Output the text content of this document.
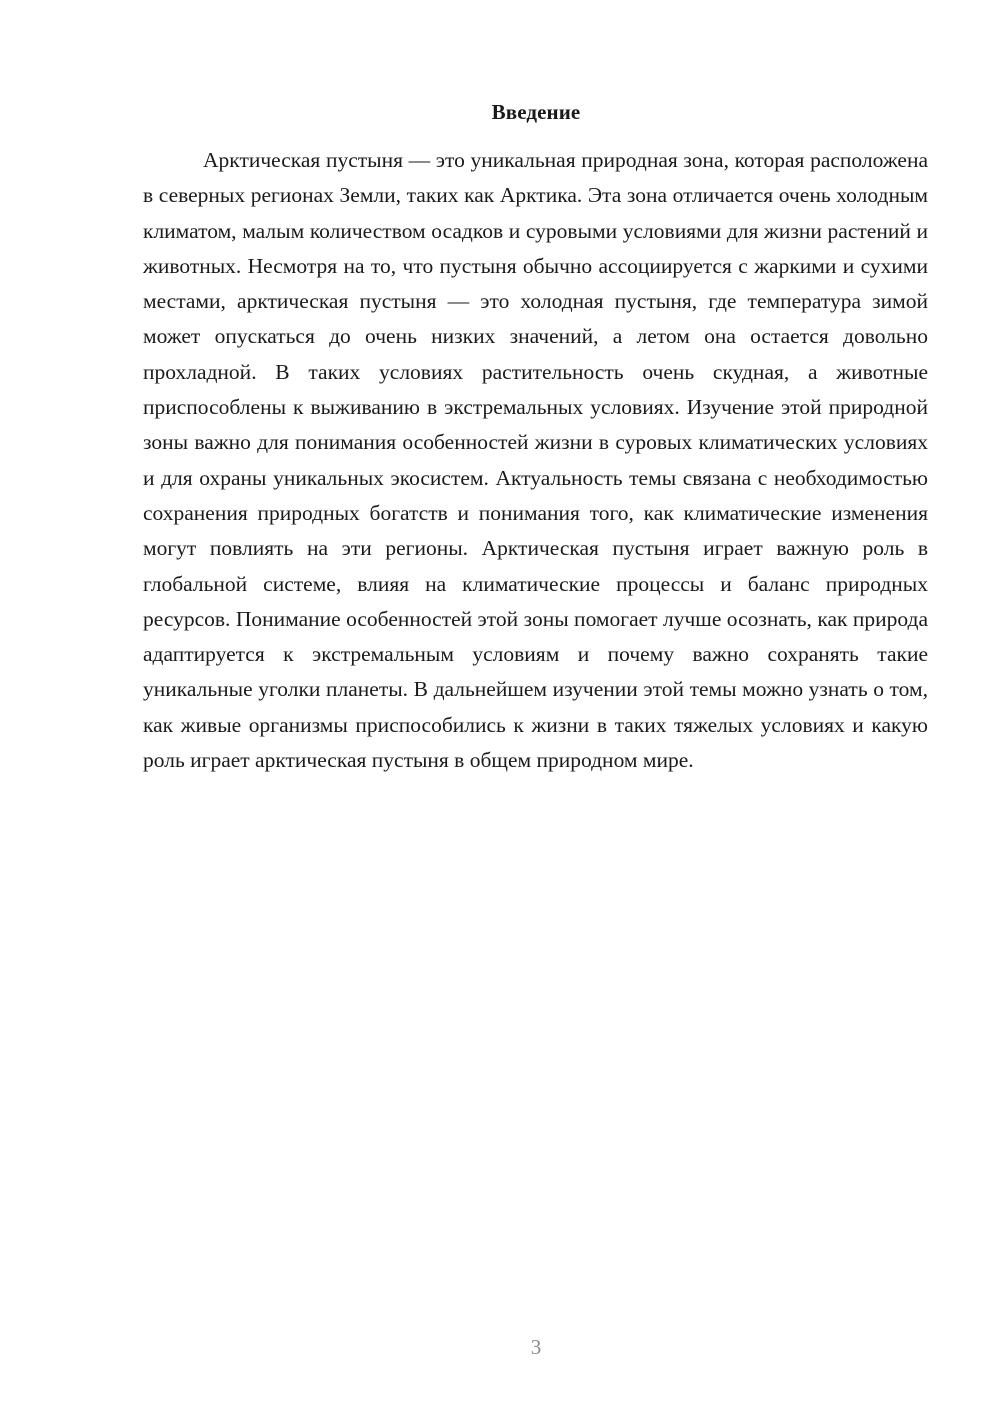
Введение

Арктическая пустыня — это уникальная природная зона, которая расположена в северных регионах Земли, таких как Арктика. Эта зона отличается очень холодным климатом, малым количеством осадков и суровыми условиями для жизни растений и животных. Несмотря на то, что пустыня обычно ассоциируется с жаркими и сухими местами, арктическая пустыня — это холодная пустыня, где температура зимой может опускаться до очень низких значений, а летом она остается довольно прохладной. В таких условиях растительность очень скудная, а животные приспособлены к выживанию в экстремальных условиях. Изучение этой природной зоны важно для понимания особенностей жизни в суровых климатических условиях и для охраны уникальных экосистем. Актуальность темы связана с необходимостью сохранения природных богатств и понимания того, как климатические изменения могут повлиять на эти регионы. Арктическая пустыня играет важную роль в глобальной системе, влияя на климатические процессы и баланс природных ресурсов. Понимание особенностей этой зоны помогает лучше осознать, как природа адаптируется к экстремальным условиям и почему важно сохранять такие уникальные уголки планеты. В дальнейшем изучении этой темы можно узнать о том, как живые организмы приспособились к жизни в таких тяжелых условиях и какую роль играет арктическая пустыня в общем природном мире.

3
